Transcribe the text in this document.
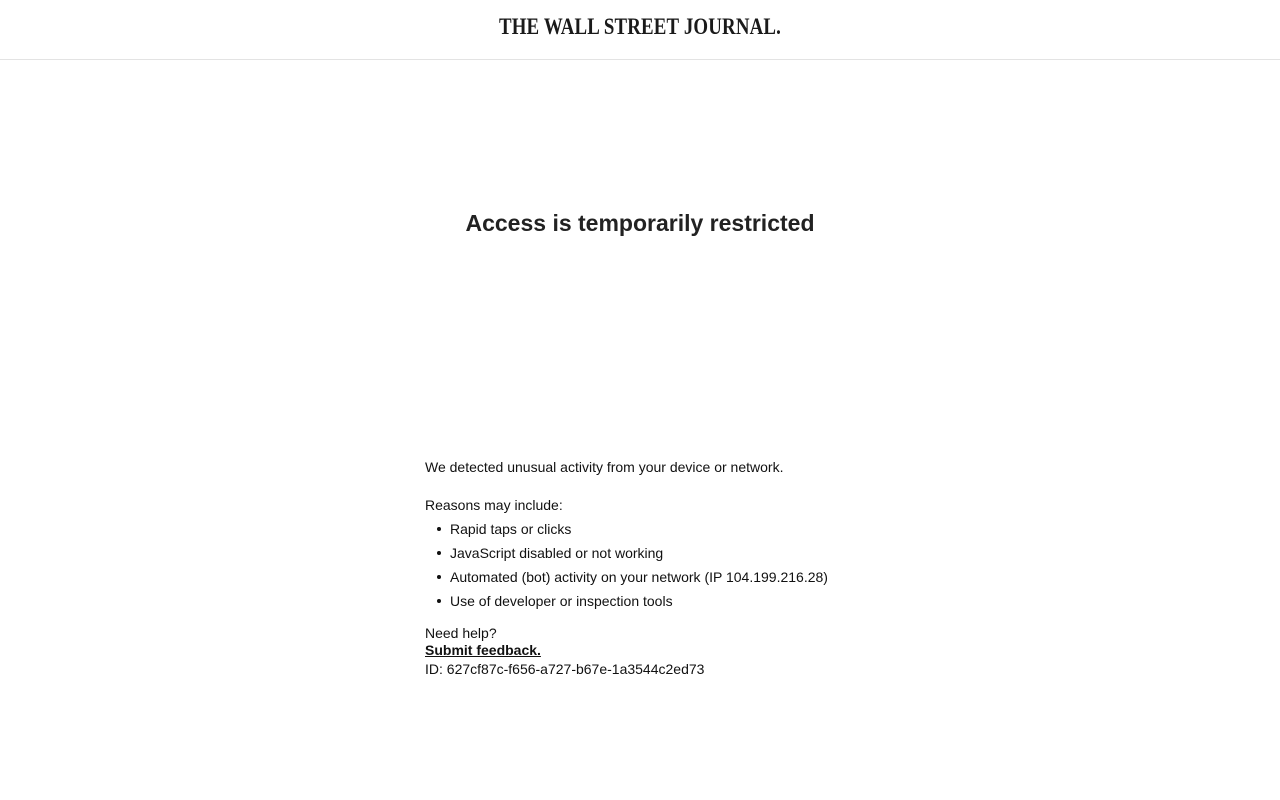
THE WALL STREET JOURNAL.
Access is temporarily restricted

We detected unusual activity from your device or network.

Reasons may include:

Rapid taps or clicks
JavaScript disabled or not working
Automated (bot) activity on your network (IP 104.199.216.28)
Use of developer or inspection tools

Need help?

Submit feedback.

ID: 627cf87c-f656-a727-b67e-1a3544c2ed73
